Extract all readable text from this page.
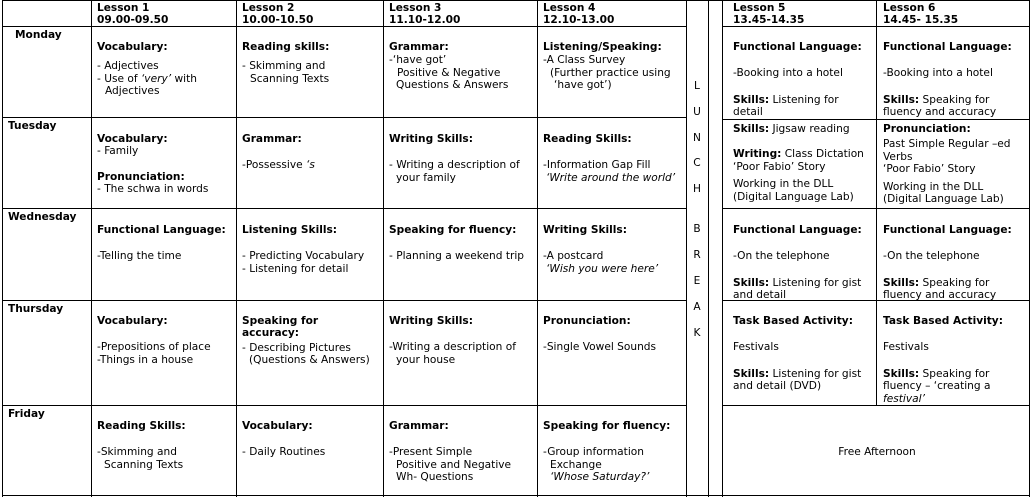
Lesson 1

09.00-09.50

Lesson 2

10.00-10.50

Lesson 3

11.10-12.00

Lesson 4

12.10-13.00

Lesson 5

13.45-14.35

Lesson 6

14.45- 15.35

Monday
Tuesday
Wednesday
Thursday
Friday
L
U
N
C
H
B
R
E
A
K

Vocabulary:

- Adjectives

- Use of ‘very’ with

Adjectives

Reading skills:

- Skimming and

Scanning Texts

Grammar:

-‘have got’

Positive & Negative

Questions & Answers

Listening/Speaking:

-A Class Survey

(Further practice using

‘have got’)

Functional Language:

-Booking into a hotel

Skills: Listening for

detail

Functional Language:

-Booking into a hotel

Skills: Speaking for

fluency and accuracy

Vocabulary:

- Family

Pronunciation:

- The schwa in words

Grammar:

-Possessive ‘s

Writing Skills:

- Writing a description of

your family

Reading Skills:

-Information Gap Fill

‘Write around the world’

Skills: Jigsaw reading

Writing: Class Dictation

‘Poor Fabio’ Story

Working in the DLL

(Digital Language Lab)

Pronunciation:

Past Simple Regular –ed

Verbs

‘Poor Fabio’ Story

Working in the DLL

(Digital Language Lab)

Functional Language:

-Telling the time

Listening Skills:

- Predicting Vocabulary

- Listening for detail

Speaking for fluency:

- Planning a weekend trip

Writing Skills:

-A postcard

‘Wish you were here’

Functional Language:

-On the telephone

Skills: Listening for gist

and detail

Functional Language:

-On the telephone

Skills: Speaking for

fluency and accuracy

Vocabulary:

-Prepositions of place

-Things in a house

Speaking for

accuracy:

- Describing Pictures

(Questions & Answers)

Writing Skills:

-Writing a description of

your house

Pronunciation:

-Single Vowel Sounds

Task Based Activity:

Festivals

Skills: Listening for gist

and detail (DVD)

Task Based Activity:

Festivals

Skills: Speaking for

fluency – ‘creating a

festival’

Reading Skills:

-Skimming and

Scanning Texts

Vocabulary:

- Daily Routines

Grammar:

-Present Simple

Positive and Negative

Wh- Questions

Speaking for fluency:

-Group information

Exchange

‘Whose Saturday?’

Free Afternoon
